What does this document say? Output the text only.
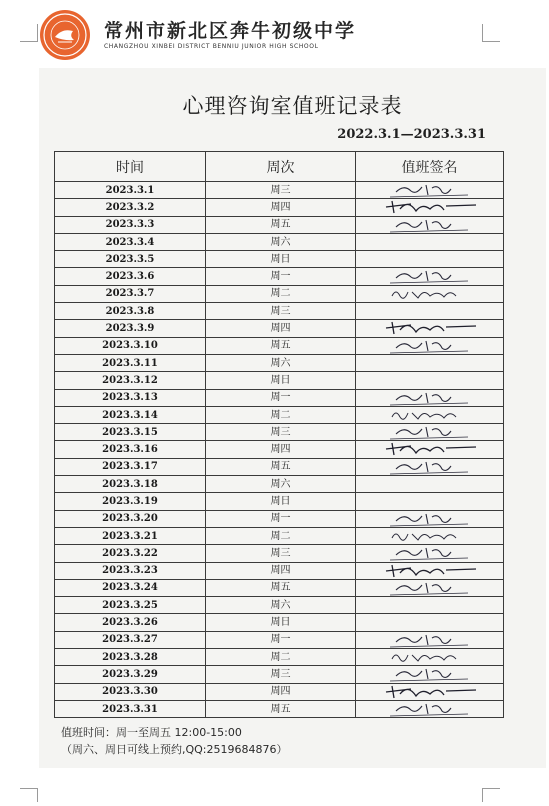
常州市新北区奔牛初级中学
CHANGZHOU XINBEI DISTRICT BENNIU JUNIOR HIGH SCHOOL
心理咨询室值班记录表
2022.3.1—2023.3.31
时间	周次	值班签名
2023.3.1	周三	

2023.3.2	周四	

2023.3.3	周五	

2023.3.4	周六	
2023.3.5	周日	
2023.3.6	周一	

2023.3.7	周二	

2023.3.8	周三	
2023.3.9	周四	

2023.3.10	周五	

2023.3.11	周六	
2023.3.12	周日	
2023.3.13	周一	

2023.3.14	周二	

2023.3.15	周三	

2023.3.16	周四	

2023.3.17	周五	

2023.3.18	周六	
2023.3.19	周日	
2023.3.20	周一	

2023.3.21	周二	

2023.3.22	周三	

2023.3.23	周四	

2023.3.24	周五	

2023.3.25	周六	
2023.3.26	周日	
2023.3.27	周一	

2023.3.28	周二	

2023.3.29	周三	

2023.3.30	周四	

2023.3.31	周五	
值班时间：周一至周五 12:00-15:00
（周六、周日可线上预约,QQ:2519684876）
